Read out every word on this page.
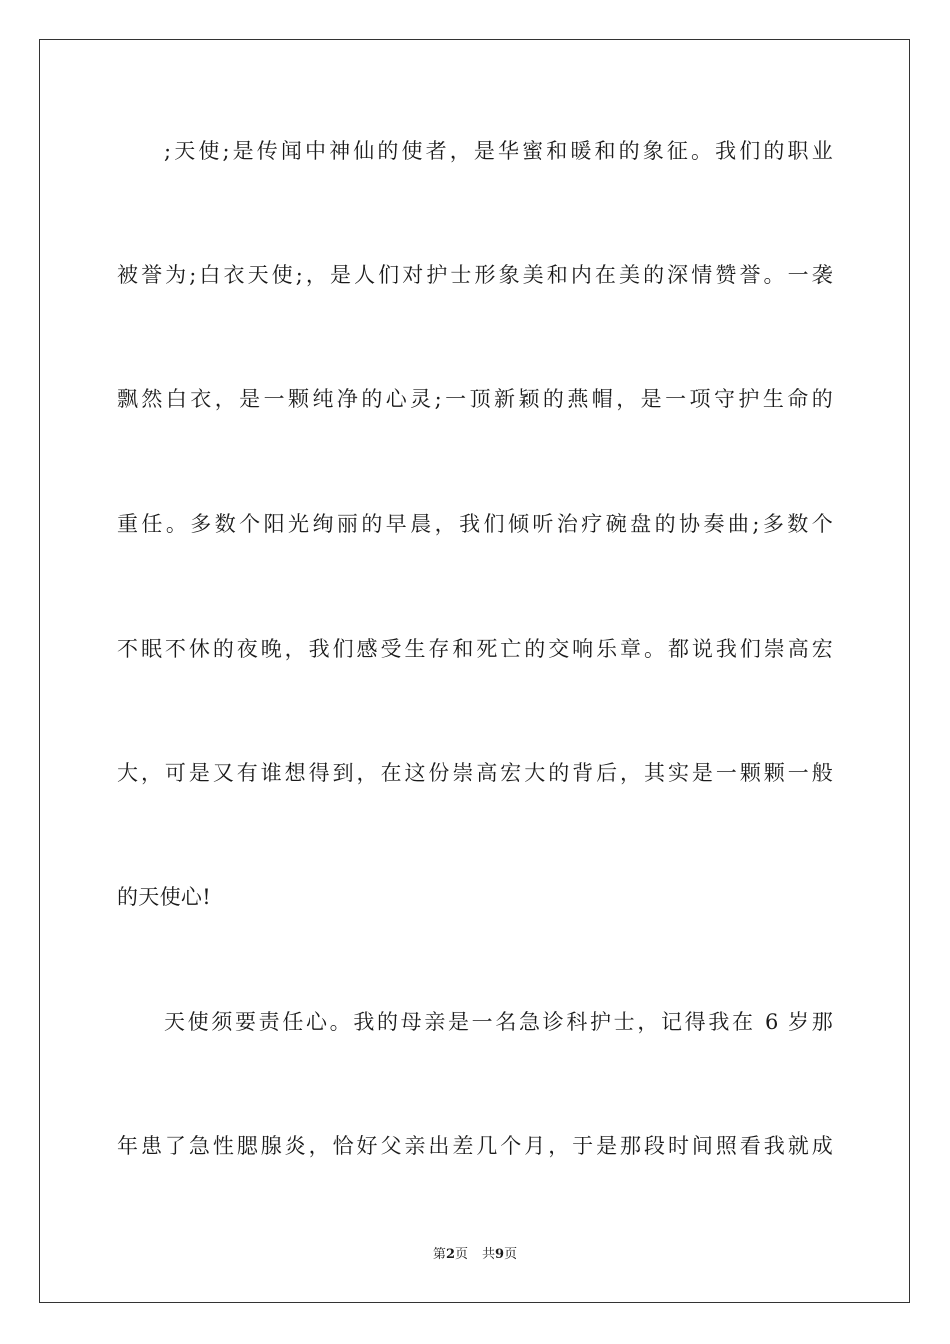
;天使;是传闻中神仙的使者，是华蜜和暖和的象征。我们的职业
被誉为;白衣天使;，是人们对护士形象美和内在美的深情赞誉。一袭
飘然白衣，是一颗纯净的心灵;一顶新颖的燕帽，是一项守护生命的
重任。多数个阳光绚丽的早晨，我们倾听治疗碗盘的协奏曲;多数个
不眠不休的夜晚，我们感受生存和死亡的交响乐章。都说我们崇高宏
大，可是又有谁想得到，在这份崇高宏大的背后，其实是一颗颗一般
的天使心!
天使须要责任心。我的母亲是一名急诊科护士，记得我在 6 岁那
年患了急性腮腺炎，恰好父亲出差几个月，于是那段时间照看我就成
第2页 共9页
